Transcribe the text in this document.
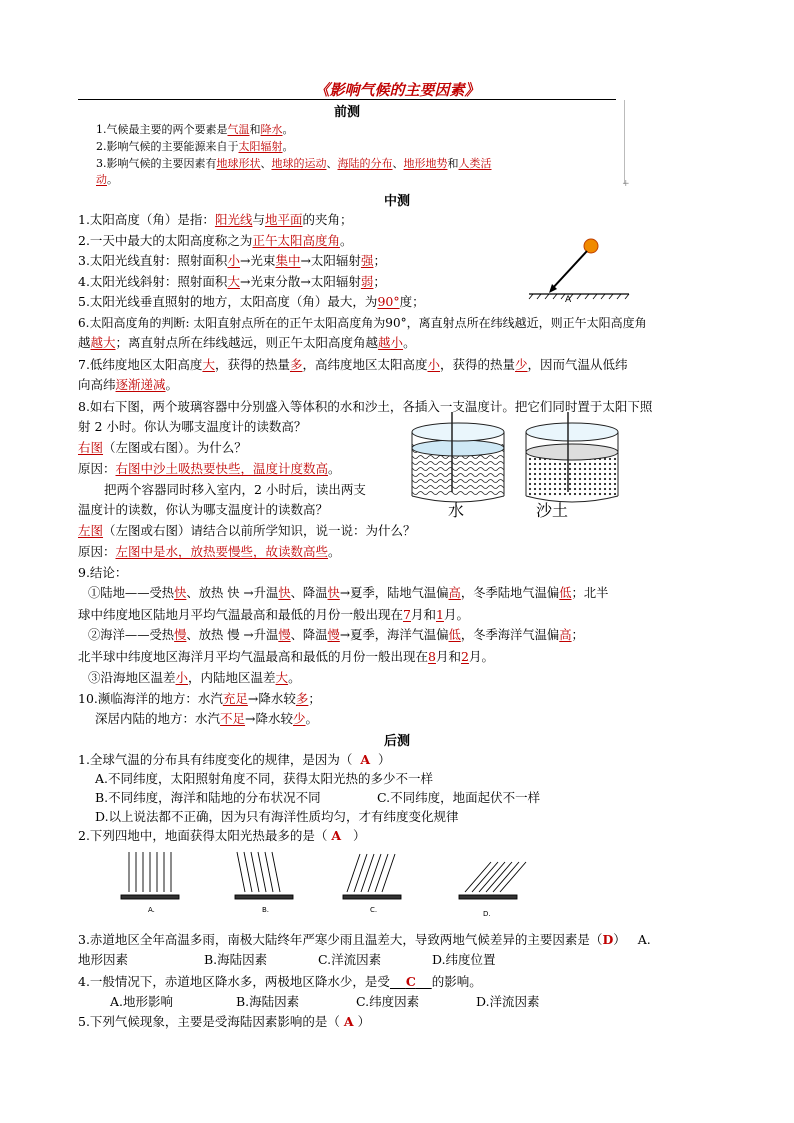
《影响气候的主要因素》
前测
+
1.气候最主要的两个要素是气温和降水。
2.影响气候的主要能源来自于太阳辐射。
3.影响气候的主要因素有地球形状、地球的运动、海陆的分布、地形地势和人类活
动。
中测
1.太阳高度（角）是指：阳光线与地平面的夹角；
2.一天中最大的太阳高度称之为正午太阳高度角。
3.太阳光线直射：照射面积小→光束集中→太阳辐射强；
4.太阳光线斜射：照射面积大→光束分散→太阳辐射弱；
5.太阳光线垂直照射的地方，太阳高度（角）最大，为90°度；	A
6.太阳高度角的判断: 太阳直射点所在的正午太阳高度角为90°，离直射点所在纬线越近，则正午太阳高度角
越越大；离直射点所在纬线越远，则正午太阳高度角越越小。
7.低纬度地区太阳高度大，获得的热量多，高纬度地区太阳高度小，获得的热量少，因而气温从低纬
向高纬逐渐递减。
8.如右下图，两个玻璃容器中分别盛入等体积的水和沙土，各插入一支温度计。把它们同时置于太阳下照
射 2 小时。你认为哪支温度计的读数高？
右图（左图或右图）。为什么？
原因：右图中沙土吸热要快些，温度计度数高。
把两个容器同时移入室内，2 小时后，读出两支
温度计的读数，你认为哪支温度计的读数高？
左图（左图或右图）请结合以前所学知识，说一说：为什么？
原因：左图中是水，放热要慢些，故读数高些。
水	沙土
9.结论：
①陆地——受热快、放热 快 →升温快、降温快→夏季，陆地气温偏高，冬季陆地气温偏低；北半
球中纬度地区陆地月平均气温最高和最低的月份一般出现在7月和1月。
②海洋——受热慢、放热 慢 →升温慢、降温慢→夏季，海洋气温偏低，冬季海洋气温偏高；
北半球中纬度地区海洋月平均气温最高和最低的月份一般出现在8月和2月。
③沿海地区温差小，内陆地区温差大。
10.濒临海洋的地方：水汽充足→降水较多；
深居内陆的地方：水汽不足→降水较少。
后测
1.全球气温的分布具有纬度变化的规律，是因为（ A ）
A.不同纬度，太阳照射角度不同，获得太阳光热的多少不一样
B.不同纬度，海洋和陆地的分布状况不同	C.不同纬度，地面起伏不一样
D.以上说法都不正确，因为只有海洋性质均匀，才有纬度变化规律
2.下列四地中，地面获得太阳光热最多的是（ A ）
A.	B.	C.	D.
3.赤道地区全年高温多雨，南极大陆终年严寒少雨且温差大，导致两地气候差异的主要因素是（D） A.
地形因素	B.海陆因素	C.洋流因素	D.纬度位置
4.一般情况下，赤道地区降水多，两极地区降水少，是受 C 的影响。
A.地形影响	B.海陆因素	C.纬度因素	D.洋流因素
5.下列气候现象，主要是受海陆因素影响的是（ A ）
